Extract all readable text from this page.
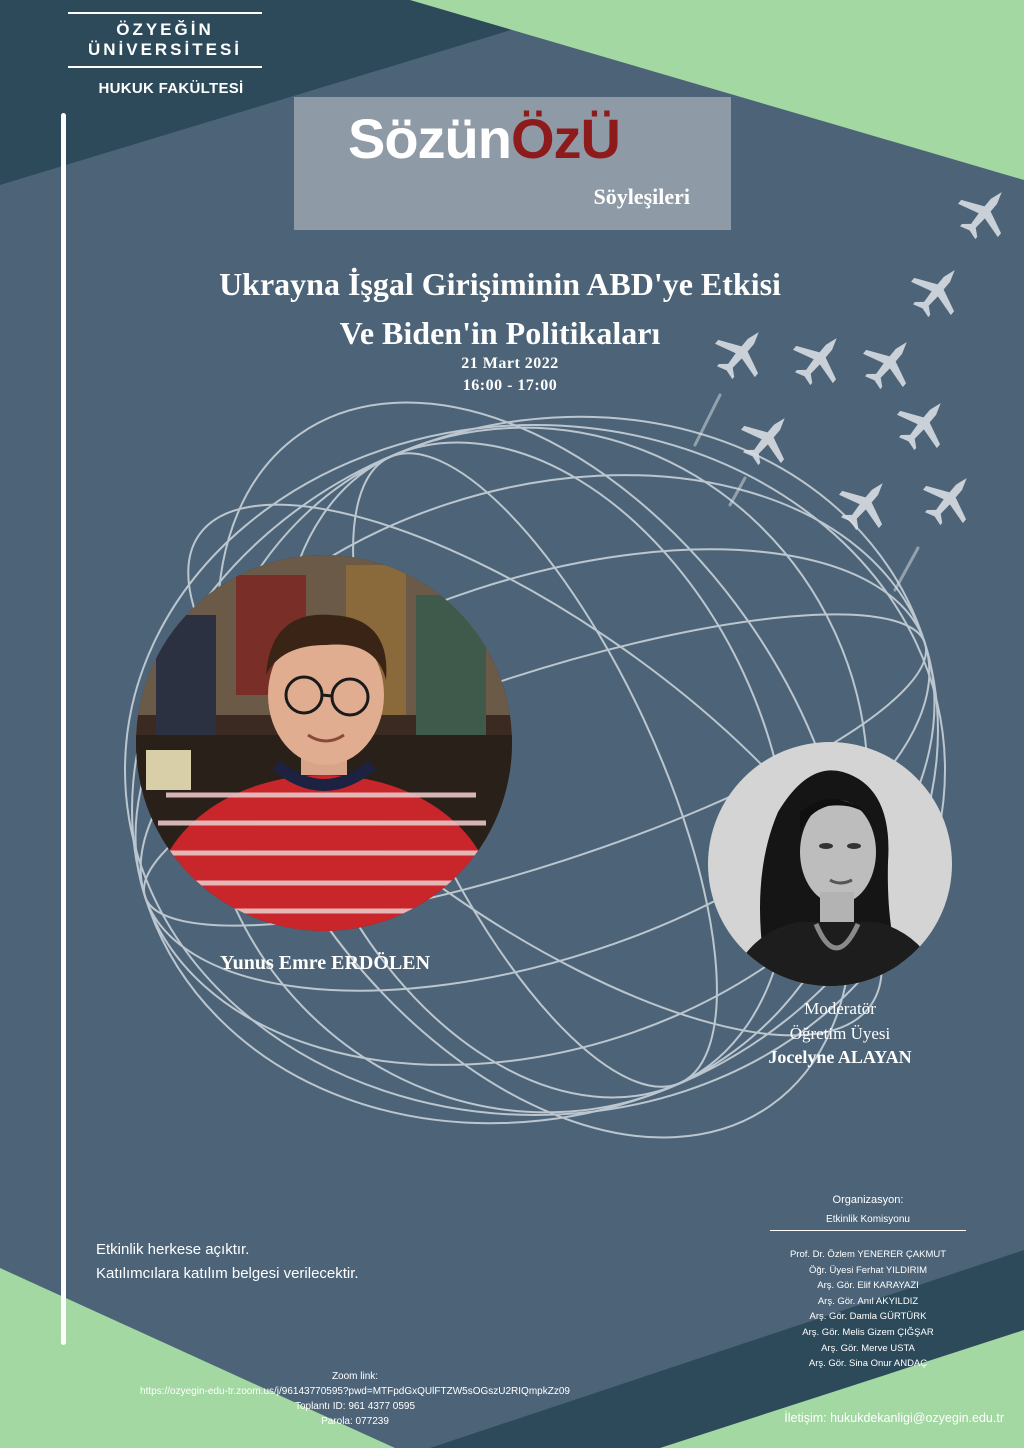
ÖZYEĞİN
ÜNİVERSİTESİ
HUKUK FAKÜLTESİ
SözünÖzÜ
Söyleşileri
Ukrayna İşgal Girişiminin ABD'ye Etkisi
Ve Biden'in Politikaları
21 Mart 2022
16:00 - 17:00
Yunus Emre ERDÖLEN
Moderatör
Öğretim Üyesi
Jocelyne ALAYAN
Etkinlik herkese açıktır.
Katılımcılara katılım belgesi verilecektir.
Organizasyon:
Etkinlik Komisyonu
Prof. Dr. Özlem YENERER ÇAKMUT
Öğr. Üyesi Ferhat YILDIRIM
Arş. Gör. Elif KARAYAZI
Arş. Gör. Anıl AKYILDIZ
Arş. Gör. Damla GÜRTÜRK
Arş. Gör. Melis Gizem ÇIĞŞAR
Arş. Gör. Merve USTA
Arş. Gör. Sina Onur ANDAÇ
Zoom link:
https://ozyegin-edu-tr.zoom.us/j/96143770595?pwd=MTFpdGxQUlFTZW5sOGszU2RIQmpkZz09
Toplantı ID: 961 4377 0595
Parola: 077239	İletişim: hukukdekanligi@ozyegin.edu.tr
